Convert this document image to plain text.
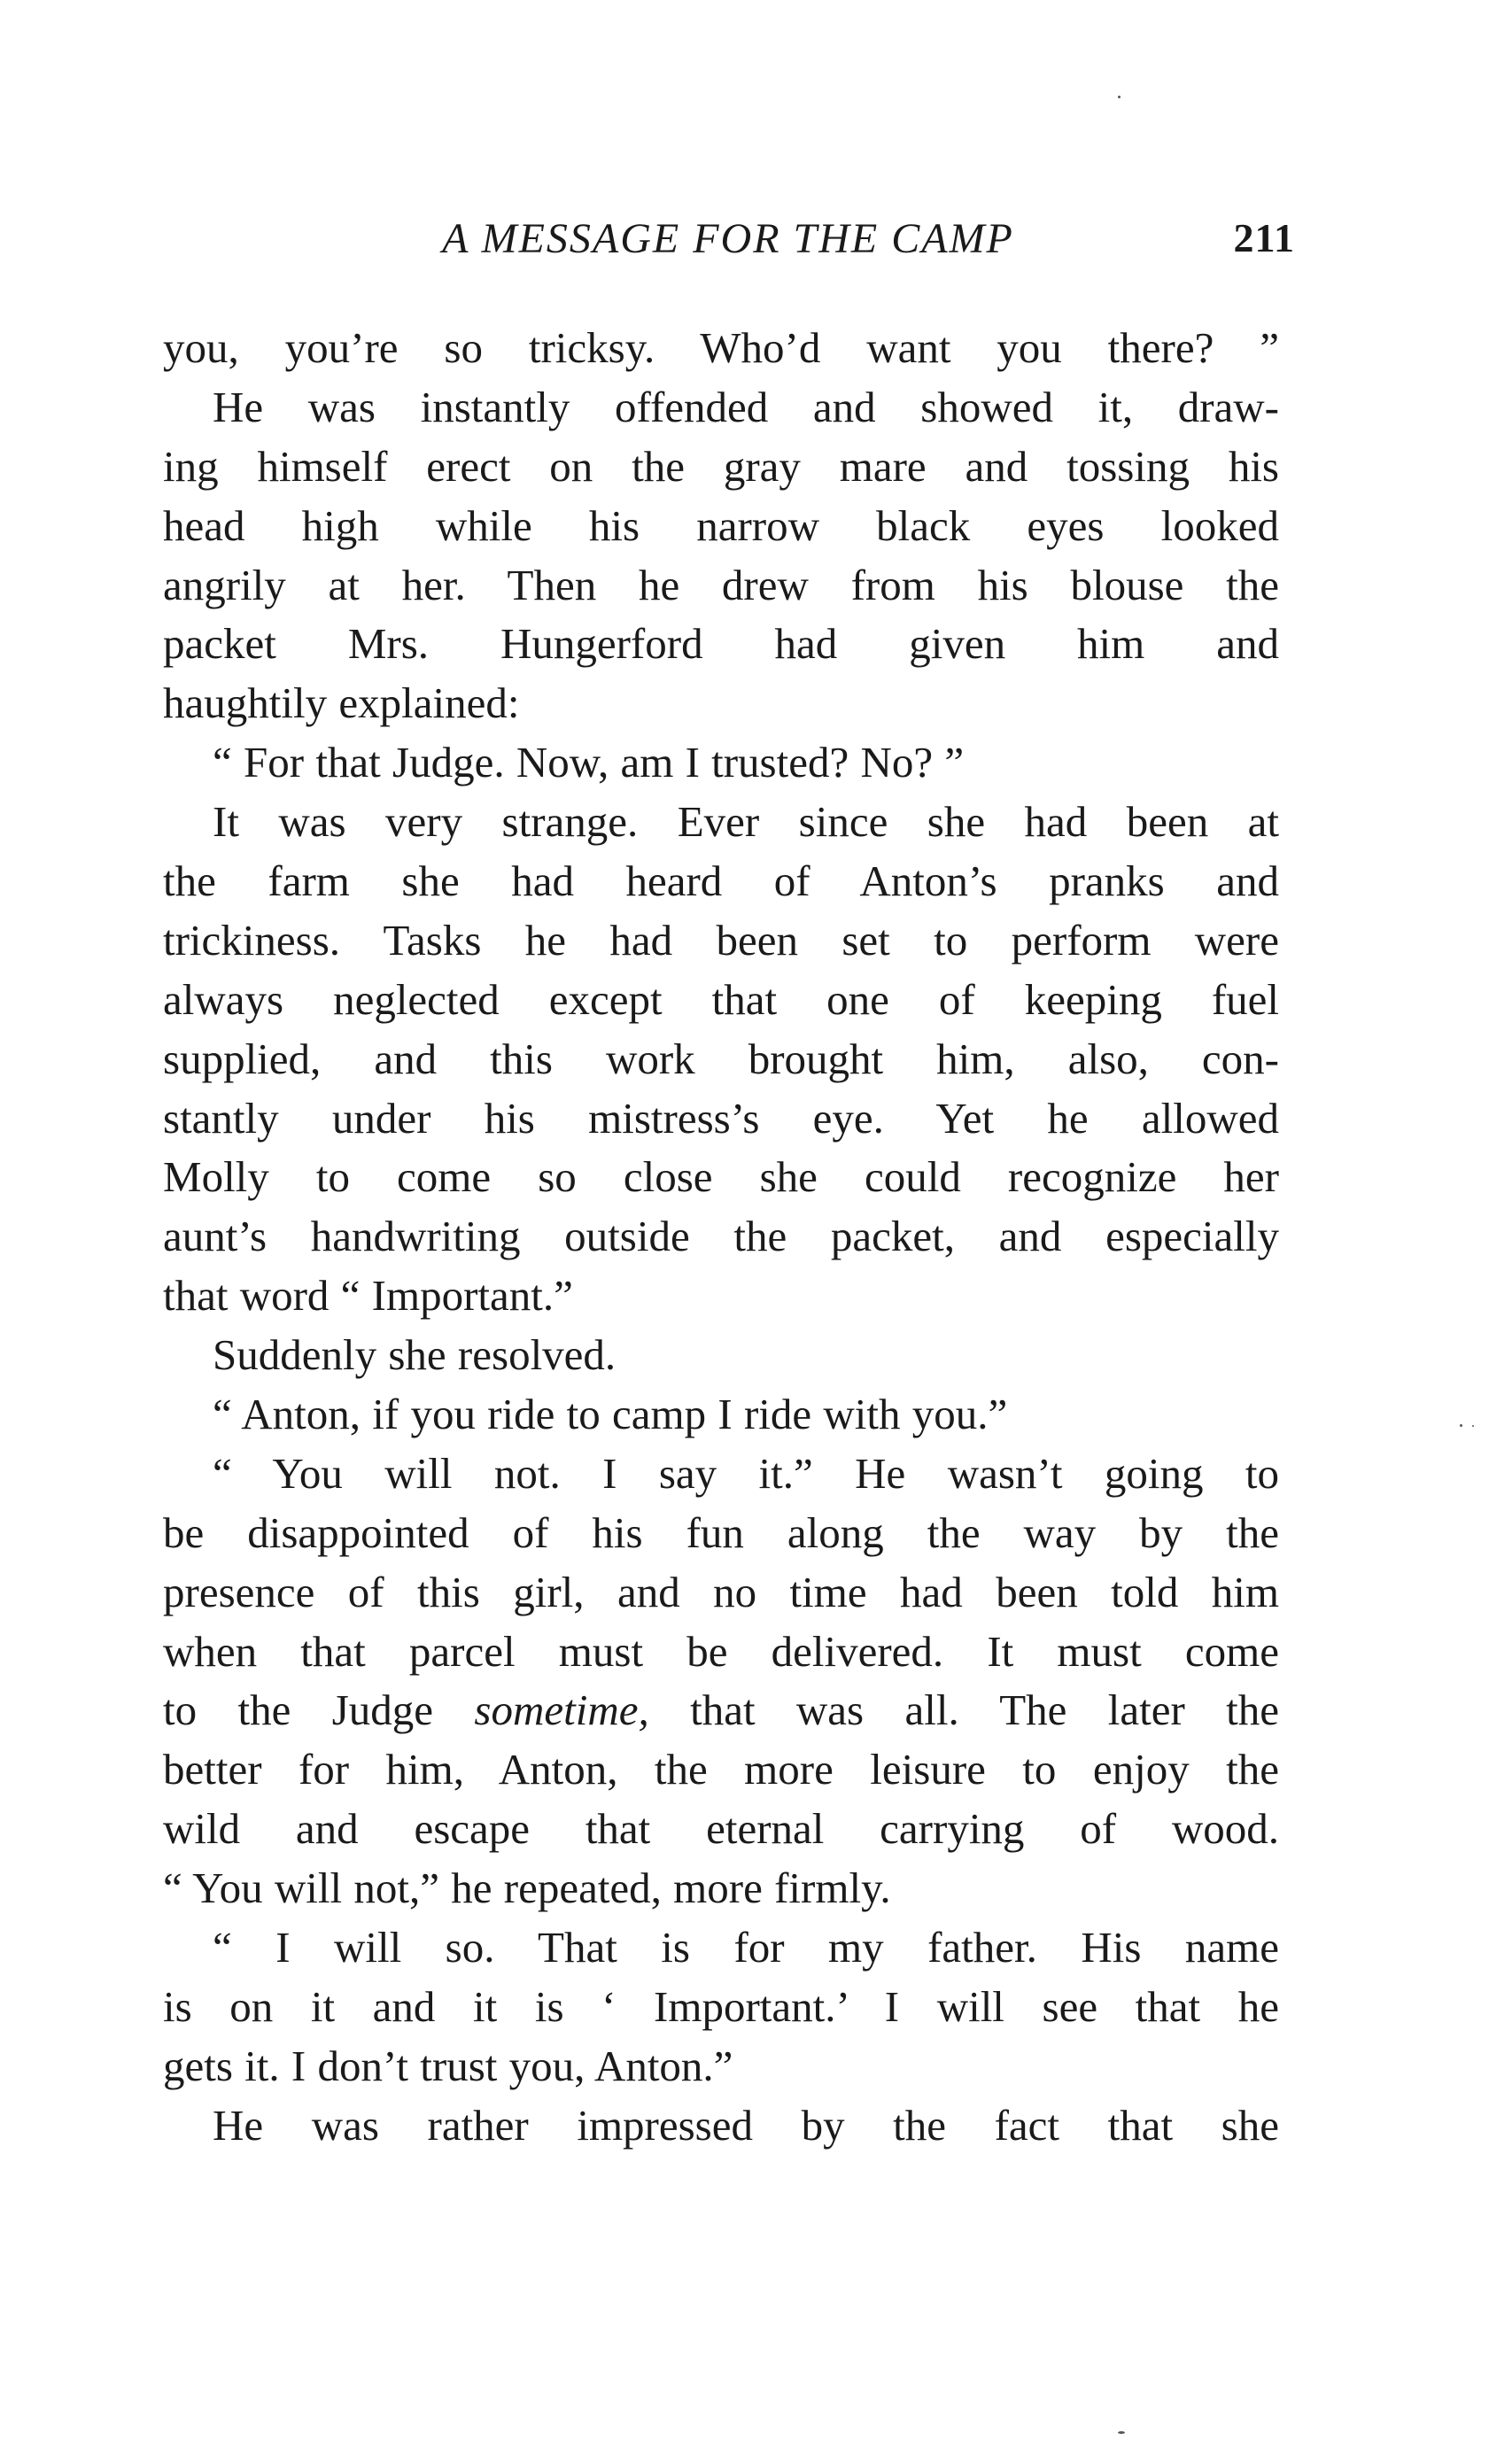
A MESSAGE FOR THE CAMP	211
you, you’re so tricksy. Who’d want you there? ”
He was instantly offended and showed it, draw-
ing himself erect on the gray mare and tossing his
head high while his narrow black eyes looked
angrily at her. Then he drew from his blouse the
packet Mrs. Hungerford had given him and
haughtily explained:
“ For that Judge. Now, am I trusted? No? ”
It was very strange. Ever since she had been at
the farm she had heard of Anton’s pranks and
trickiness. Tasks he had been set to perform were
always neglected except that one of keeping fuel
supplied, and this work brought him, also, con-
stantly under his mistress’s eye. Yet he allowed
Molly to come so close she could recognize her
aunt’s handwriting outside the packet, and especially
that word “ Important.”
Suddenly she resolved.
“ Anton, if you ride to camp I ride with you.”
“ You will not. I say it.” He wasn’t going to
be disappointed of his fun along the way by the
presence of this girl, and no time had been told him
when that parcel must be delivered. It must come
to the Judge sometime, that was all. The later the
better for him, Anton, the more leisure to enjoy the
wild and escape that eternal carrying of wood.
“ You will not,” he repeated, more firmly.
“ I will so. That is for my father. His name
is on it and it is ‘ Important.’ I will see that he
gets it. I don’t trust you, Anton.”
He was rather impressed by the fact that she
